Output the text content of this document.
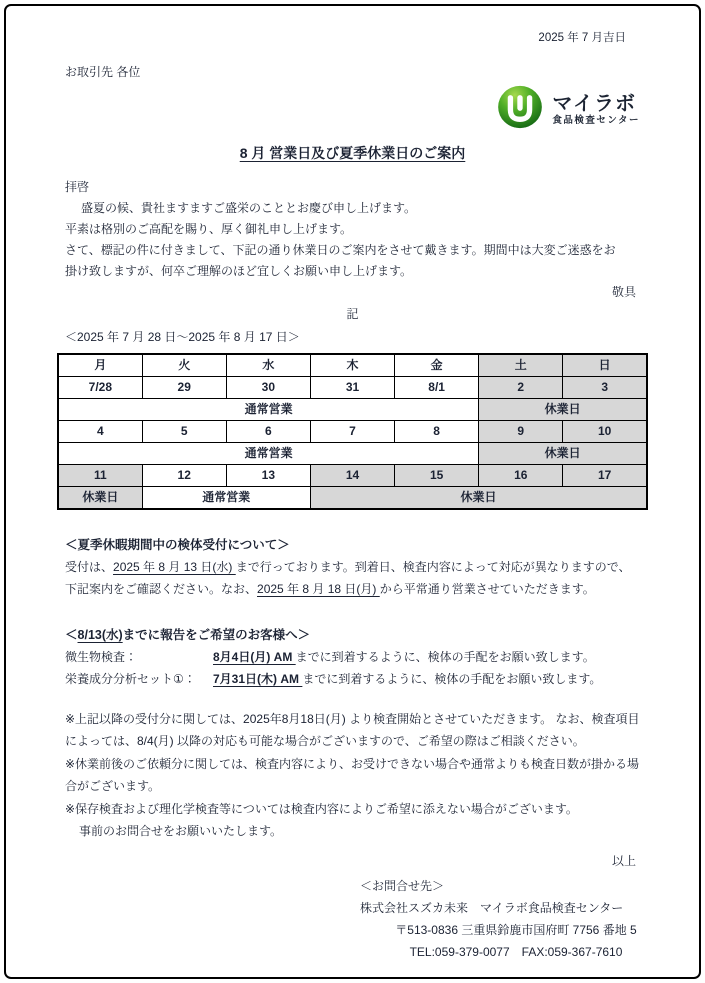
2025 年 7 月吉日
お取引先 各位
マイラボ
食品検査センター
8 月 営業日及び夏季休業日のご案内
拝啓
盛夏の候、貴社ますますご盛栄のこととお慶び申し上げます。
平素は格別のご高配を賜り、厚く御礼申し上げます。
さて、標記の件に付きまして、下記の通り休業日のご案内をさせて戴きます。期間中は大変ご迷惑をお
掛け致しますが、何卒ご理解のほど宜しくお願い申し上げます。
敬具
記
＜2025 年 7 月 28 日～2025 年 8 月 17 日＞
月	火	水	木	金	土	日
7/28	29	30	31	8/1	2	3
通常営業					休業日	
4	5	6	7	8	9	10
通常営業					休業日	
11	12	13	14	15	16	17
休業日	通常営業		休業日			
＜夏季休暇期間中の検体受付について＞
受付は、2025 年 8 月 13 日(水) まで行っております。到着日、検査内容によって対応が異なりますので、
下記案内をご確認ください。なお、2025 年 8 月 18 日(月) から平常通り営業させていただきます。
＜8/13(水)までに報告をご希望のお客様へ＞
微生物検査：	8月4日(月) AM までに到着するように、検体の手配をお願い致します。
栄養成分分析セット①： 7月31日(木) AM までに到着するように、検体の手配をお願い致します。
※上記以降の受付分に関しては、2025年8月18日(月) より検査開始とさせていただきます。 なお、検査項目
によっては、8/4(月) 以降の対応も可能な場合がございますので、ご希望の際はご相談ください。
※休業前後のご依頼分に関しては、検査内容により、お受けできない場合や通常よりも検査日数が掛かる場
合がございます。
※保存検査および理化学検査等については検査内容によりご希望に添えない場合がございます。
事前のお問合せをお願いいたします。
以上
＜お問合せ先＞
株式会社スズカ未来　マイラボ食品検査センター
〒513-0836 三重県鈴鹿市国府町 7756 番地 5
TEL:059-379-0077　FAX:059-367-7610
